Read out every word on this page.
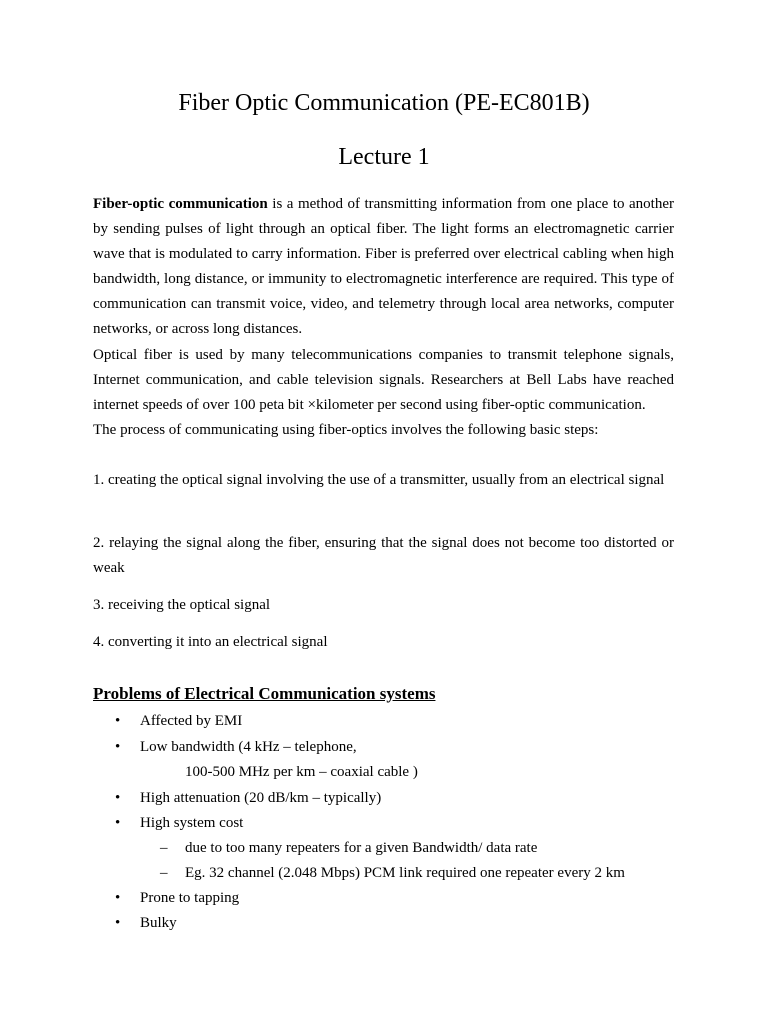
Fiber Optic Communication (PE-EC801B)
Lecture 1

Fiber-optic communication is a method of transmitting information from one place to another by sending pulses of light through an optical fiber. The light forms an electromagnetic carrier wave that is modulated to carry information. Fiber is preferred over electrical cabling when high bandwidth, long distance, or immunity to electromagnetic interference are required. This type of communication can transmit voice, video, and telemetry through local area networks, computer networks, or across long distances.

Optical fiber is used by many telecommunications companies to transmit telephone signals, Internet communication, and cable television signals. Researchers at Bell Labs have reached internet speeds of over 100 peta bit ×kilometer per second using fiber-optic communication.

The process of communicating using fiber-optics involves the following basic steps:

1. creating the optical signal involving the use of a transmitter, usually from an electrical signal
2. relaying the signal along the fiber, ensuring that the signal does not become too distorted or weak
3. receiving the optical signal
4. converting it into an electrical signal
Problems of Electrical Communication systems
• Affected by EMI
• Low bandwidth (4 kHz – telephone,
100-500 MHz per km – coaxial cable )
• High attenuation (20 dB/km – typically)
• High system cost
– due to too many repeaters for a given Bandwidth/ data rate
– Eg. 32 channel (2.048 Mbps) PCM link required one repeater every 2 km
• Prone to tapping
• Bulky
